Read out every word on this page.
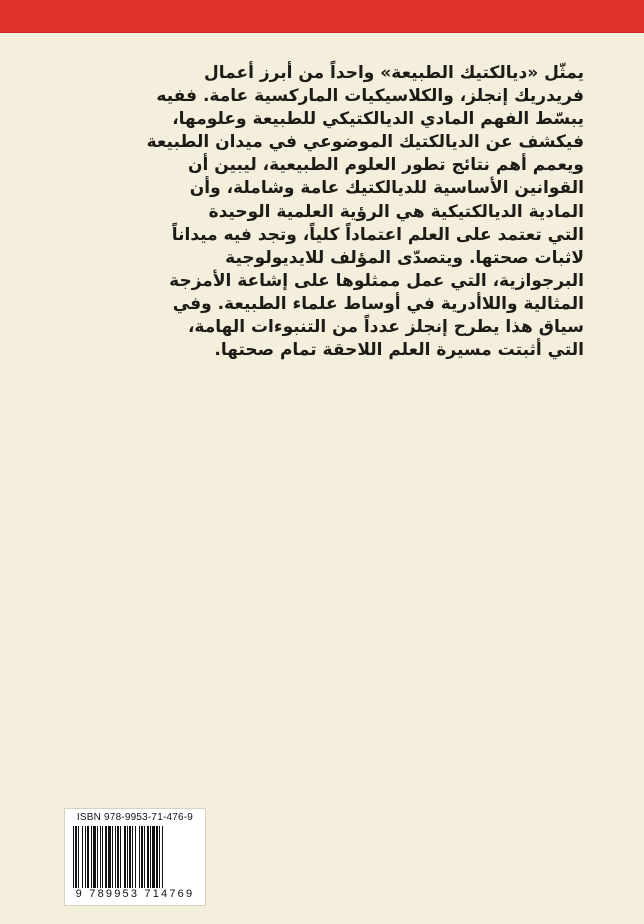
يمثّل «ديالكتيك الطبيعة» واحداً من أبرز أعمال
فريدريك إنجلز، والكلاسيكيات الماركسية عامة. ففيه
يبسّط الفهم المادي الديالكتيكي للطبيعة وعلومها،
فيكشف عن الديالكتيك الموضوعي في ميدان الطبيعة
ويعمم أهم نتائج تطور العلوم الطبيعية، ليبين أن
القوانين الأساسية للديالكتيك عامة وشاملة، وأن
المادية الديالكتيكية هي الرؤية العلمية الوحيدة
التي تعتمد على العلم اعتماداً كلياً، وتجد فيه ميداناً
لاثبات صحتها. ويتصدّى المؤلف للايديولوجية
البرجوازية، التي عمل ممثلوها على إشاعة الأمزجة
المثالية واللاأدرية في أوساط علماء الطبيعة. وفي
سياق هذا يطرح إنجلز عدداً من التنبوءات الهامة،
التي أثبتت مسيرة العلم اللاحقة تمام صحتها.
ISBN 978-9953-71-476-9
9 789953 714769
